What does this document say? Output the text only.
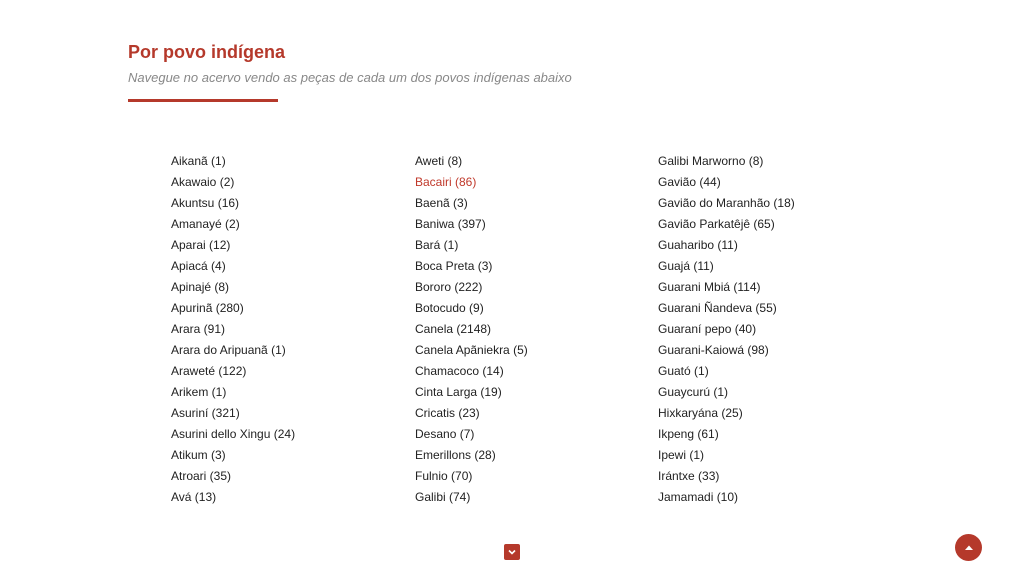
Por povo indígena
Navegue no acervo vendo as peças de cada um dos povos indígenas abaixo
Aikanã (1)
Akawaio (2)
Akuntsu (16)
Amanayé (2)
Aparai (12)
Apiacá (4)
Apinajé (8)
Apurinã (280)
Arara (91)
Arara do Aripuanã (1)
Araweté (122)
Arikem (1)
Asuriní (321)
Asurini dello Xingu (24)
Atikum (3)
Atroari (35)
Avá (13)
Aweti (8)
Bacairi (86)
Baenã (3)
Baniwa (397)
Bará (1)
Boca Preta (3)
Bororo (222)
Botocudo (9)
Canela (2148)
Canela Apãniekra (5)
Chamacoco (14)
Cinta Larga (19)
Cricatis (23)
Desano (7)
Emerillons (28)
Fulnio (70)
Galibi (74)
Galibi Marworno (8)
Gavião (44)
Gavião do Maranhão (18)
Gavião Parkatêjê (65)
Guaharibo (11)
Guajá (11)
Guarani Mbiá (114)
Guarani Ñandeva (55)
Guaraní pepo (40)
Guarani-Kaiowá (98)
Guató (1)
Guaycurú (1)
Hixkaryána (25)
Ikpeng (61)
Ipewi (1)
Irántxe (33)
Jamamadi (10)
